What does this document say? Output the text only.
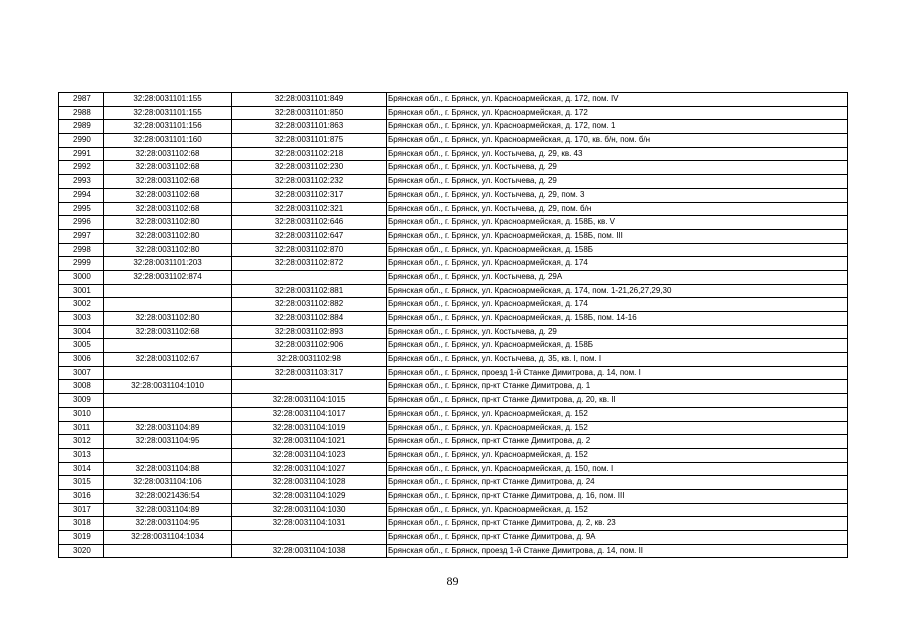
2987	32:28:0031101:155	32:28:0031101:849	Брянская обл., г. Брянск, ул. Красноармейская, д. 172, пом. IV
2988	32:28:0031101:155	32:28:0031101:850	Брянская обл., г. Брянск, ул. Красноармейская, д. 172
2989	32:28:0031101:156	32:28:0031101:863	Брянская обл., г. Брянск, ул. Красноармейская, д. 172, пом. 1
2990	32:28:0031101:160	32:28:0031101:875	Брянская обл., г. Брянск, ул. Красноармейская, д. 170, кв. б/н, пом. б/н
2991	32:28:0031102:68	32:28:0031102:218	Брянская обл., г. Брянск, ул. Костычева, д. 29, кв. 43
2992	32:28:0031102:68	32:28:0031102:230	Брянская обл., г. Брянск, ул. Костычева, д. 29
2993	32:28:0031102:68	32:28:0031102:232	Брянская обл., г. Брянск, ул. Костычева, д. 29
2994	32:28:0031102:68	32:28:0031102:317	Брянская обл., г. Брянск, ул. Костычева, д. 29, пом. 3
2995	32:28:0031102:68	32:28:0031102:321	Брянская обл., г. Брянск, ул. Костычева, д. 29, пом. б/н
2996	32:28:0031102:80	32:28:0031102:646	Брянская обл., г. Брянск, ул. Красноармейская, д. 158Б, кв. V
2997	32:28:0031102:80	32:28:0031102:647	Брянская обл., г. Брянск, ул. Красноармейская, д. 158Б, пом. III
2998	32:28:0031102:80	32:28:0031102:870	Брянская обл., г. Брянск, ул. Красноармейская, д. 158Б
2999	32:28:0031101:203	32:28:0031102:872	Брянская обл., г. Брянск, ул. Красноармейская, д. 174
3000	32:28:0031102:874		Брянская обл., г. Брянск, ул. Костычева, д. 29А
3001		32:28:0031102:881	Брянская обл., г. Брянск, ул. Красноармейская, д. 174, пом. 1-21,26,27,29,30
3002		32:28:0031102:882	Брянская обл., г. Брянск, ул. Красноармейская, д. 174
3003	32:28:0031102:80	32:28:0031102:884	Брянская обл., г. Брянск, ул. Красноармейская, д. 158Б, пом. 14-16
3004	32:28:0031102:68	32:28:0031102:893	Брянская обл., г. Брянск, ул. Костычева, д. 29
3005		32:28:0031102:906	Брянская обл., г. Брянск, ул. Красноармейская, д. 158Б
3006	32:28:0031102:67	32:28:0031102:98	Брянская обл., г. Брянск, ул. Костычева, д. 35, кв. I, пом. I
3007		32:28:0031103:317	Брянская обл., г. Брянск, проезд 1-й Станке Димитрова, д. 14, пом. I
3008	32:28:0031104:1010		Брянская обл., г. Брянск, пр-кт Станке Димитрова, д. 1
3009		32:28:0031104:1015	Брянская обл., г. Брянск, пр-кт Станке Димитрова, д. 20, кв. II
3010		32:28:0031104:1017	Брянская обл., г. Брянск, ул. Красноармейская, д. 152
3011	32:28:0031104:89	32:28:0031104:1019	Брянская обл., г. Брянск, ул. Красноармейская, д. 152
3012	32:28:0031104:95	32:28:0031104:1021	Брянская обл., г. Брянск, пр-кт Станке Димитрова, д. 2
3013		32:28:0031104:1023	Брянская обл., г. Брянск, ул. Красноармейская, д. 152
3014	32:28:0031104:88	32:28:0031104:1027	Брянская обл., г. Брянск, ул. Красноармейская, д. 150, пом. I
3015	32:28:0031104:106	32:28:0031104:1028	Брянская обл., г. Брянск, пр-кт Станке Димитрова, д. 24
3016	32:28:0021436:54	32:28:0031104:1029	Брянская обл., г. Брянск, пр-кт Станке Димитрова, д. 16, пом. III
3017	32:28:0031104:89	32:28:0031104:1030	Брянская обл., г. Брянск, ул. Красноармейская, д. 152
3018	32:28:0031104:95	32:28:0031104:1031	Брянская обл., г. Брянск, пр-кт Станке Димитрова, д. 2, кв. 23
3019	32:28:0031104:1034		Брянская обл., г. Брянск, пр-кт Станке Димитрова, д. 9А
3020		32:28:0031104:1038	Брянская обл., г. Брянск, проезд 1-й Станке Димитрова, д. 14, пом. II
89
